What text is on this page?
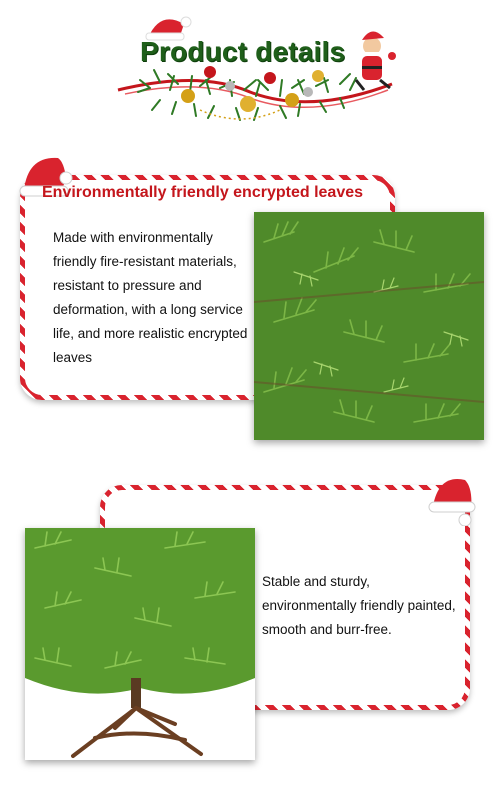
Product details
Environmentally friendly encrypted leaves
Made with environmentally friendly fire-resistant materials, resistant to pressure and deformation, with a long service life, and more realistic encrypted leaves
Stable and sturdy, environmentally friendly painted, smooth and burr-free.
